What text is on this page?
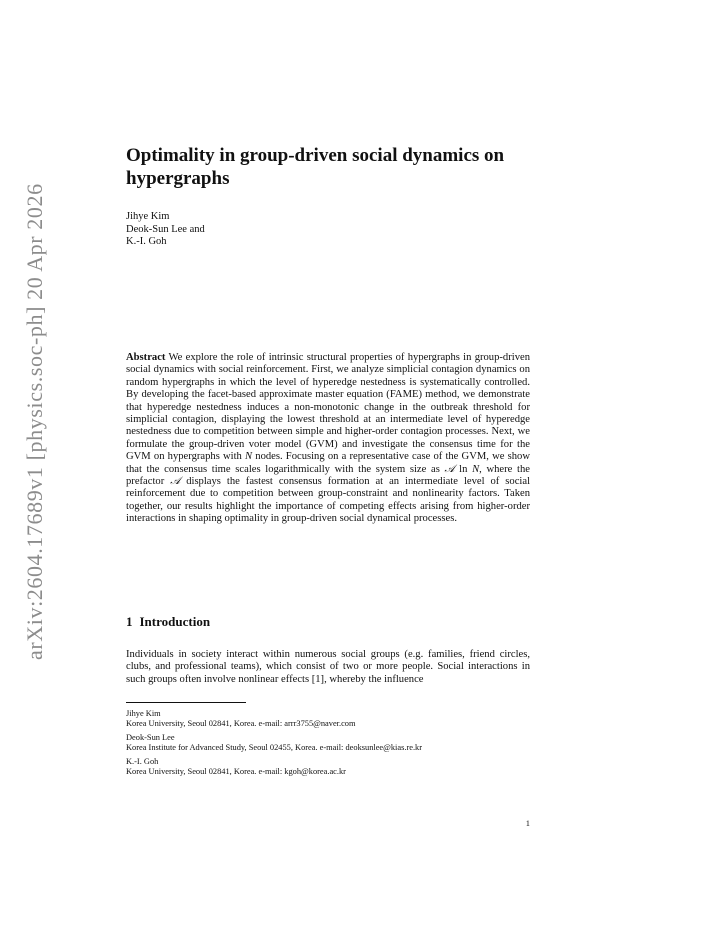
arXiv:2604.17689v1 [physics.soc-ph] 20 Apr 2026
Optimality in group-driven social dynamics on
hypergraphs
Jihye Kim
Deok-Sun Lee and
K.-I. Goh

Abstract We explore the role of intrinsic structural properties of hypergraphs in group-driven social dynamics with social reinforcement. First, we analyze simplicial contagion dynamics on random hypergraphs in which the level of hyperedge nestedness is systematically controlled. By developing the facet-based approximate master equation (FAME) method, we demonstrate that hyperedge nestedness induces a non-monotonic change in the outbreak threshold for simplicial contagion, displaying the lowest threshold at an intermediate level of hyperedge nestedness due to competition between simple and higher-order contagion processes. Next, we formulate the group-driven voter model (GVM) and investigate the consensus time for the GVM on hypergraphs with N nodes. Focusing on a representative case of the GVM, we show that the consensus time scales logarithmically with the system size as 𝒜 ln N, where the prefactor 𝒜 displays the fastest consensus formation at an intermediate level of social reinforcement due to competition between group-constraint and nonlinearity factors. Taken together, our results highlight the importance of competing effects arising from higher-order interactions in shaping optimality in group-driven social dynamical processes.

1 Introduction

Individuals in society interact within numerous social groups (e.g. families, friend circles, clubs, and professional teams), which consist of two or more people. Social interactions in such groups often involve nonlinear effects [1], whereby the influence

Jihye Kim
Korea University, Seoul 02841, Korea. e-mail: arrr3755@naver.com
Deok-Sun Lee
Korea Institute for Advanced Study, Seoul 02455, Korea. e-mail: deoksunlee@kias.re.kr
K.-I. Goh
Korea University, Seoul 02841, Korea. e-mail: kgoh@korea.ac.kr
1
